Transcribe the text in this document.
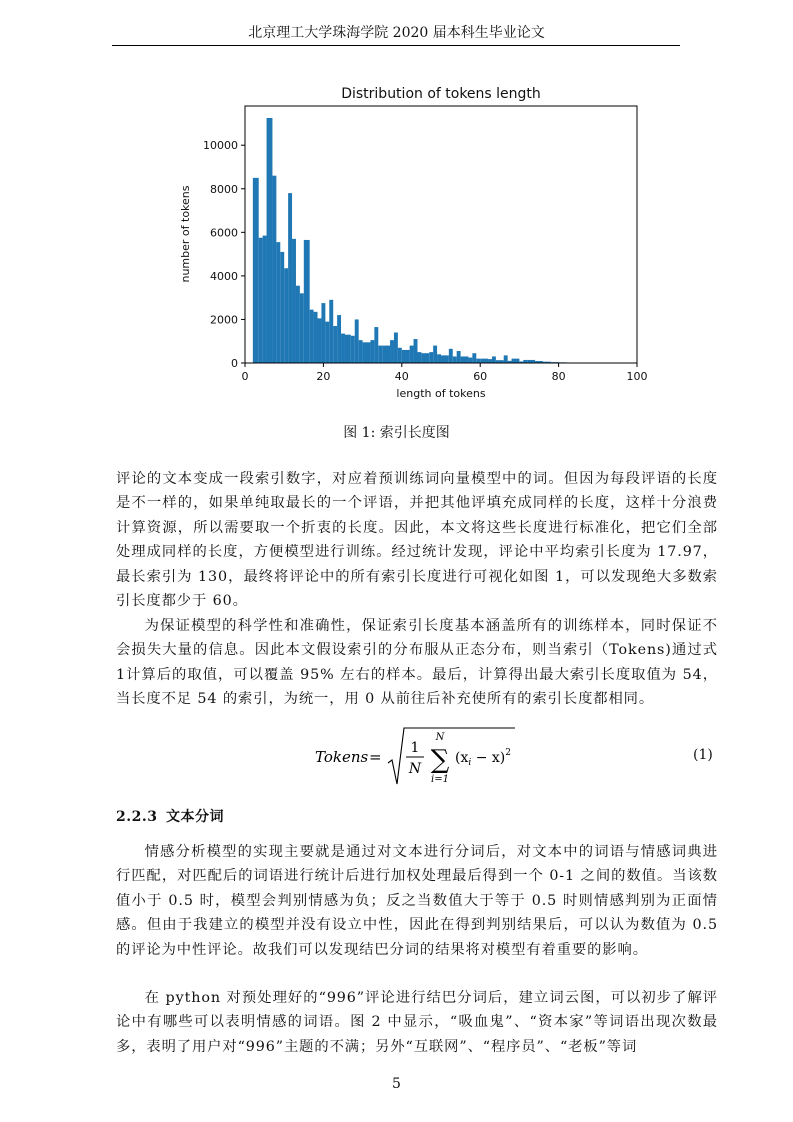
北京理工大学珠海学院 2020 届本科生毕业论文
Distribution of tokens length
0	20	40	60	80	100
0
2000
4000
6000
8000
10000
length of tokens
number of tokens
图 1: 索引长度图

评论的文本变成一段索引数字，对应着预训练词向量模型中的词。但因为每段评语的长度是不一样的，如果单纯取最长的一个评语，并把其他评填充成同样的长度，这样十分浪费计算资源，所以需要取一个折衷的长度。因此，本文将这些长度进行标准化，把它们全部处理成同样的长度，方便模型进行训练。经过统计发现，评论中平均索引长度为 17.97，最长索引为 130，最终将评论中的所有索引长度进行可视化如图 1，可以发现绝大多数索引长度都少于 60。

为保证模型的科学性和准确性，保证索引长度基本涵盖所有的训练样本，同时保证不会损失大量的信息。因此本文假设索引的分布服从正态分布，则当索引（Tokens)通过式 1计算后的取值，可以覆盖 95% 左右的样本。最后，计算得出最大索引长度取值为 54，当长度不足 54 的索引，为统一，用 0 从前往后补充使所有的索引长度都相同。

Tokens = 1
N
N
∑
i=1
$(x_i - x)^2$	(1)
2.2.3 文本分词

情感分析模型的实现主要就是通过对文本进行分词后，对文本中的词语与情感词典进行匹配，对匹配后的词语进行统计后进行加权处理最后得到一个 0-1 之间的数值。当该数值小于 0.5 时，模型会判别情感为负；反之当数值大于等于 0.5 时则情感判别为正面情感。但由于我建立的模型并没有设立中性，因此在得到判别结果后，可以认为数值为 0.5 的评论为中性评论。故我们可以发现结巴分词的结果将对模型有着重要的影响。

在 python 对预处理好的“996”评论进行结巴分词后，建立词云图，可以初步了解评论中有哪些可以表明情感的词语。图 2 中显示，“吸血鬼”、“资本家”等词语出现次数最多，表明了用户对“996”主题的不满；另外“互联网”、“程序员”、“老板”等词

5
